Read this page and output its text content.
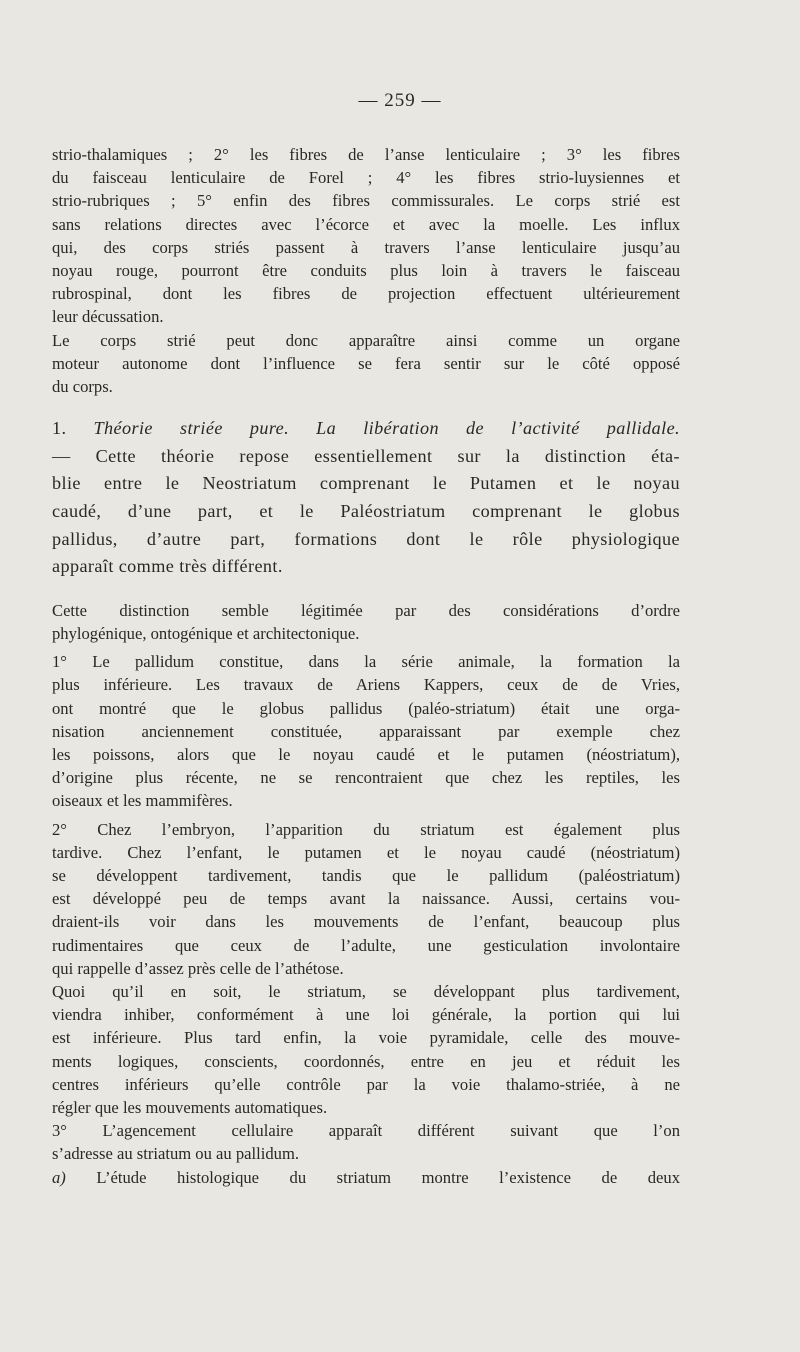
— 259 —

strio-thalamiques ; 2° les fibres de l’anse lenticulaire ; 3° les fibres

du faisceau lenticulaire de Forel ; 4° les fibres strio-luysiennes et

strio-rubriques ; 5° enfin des fibres commissurales. Le corps strié est

sans relations directes avec l’écorce et avec la moelle. Les influx

qui, des corps striés passent à travers l’anse lenticulaire jusqu’au

noyau rouge, pourront être conduits plus loin à travers le faisceau

rubrospinal, dont les fibres de projection effectuent ultérieurement

leur décussation.

Le corps strié peut donc apparaître ainsi comme un organe

moteur autonome dont l’influence se fera sentir sur le côté opposé

du corps.

1. Théorie striée pure. La libération de l’activité pallidale.

— Cette théorie repose essentiellement sur la distinction éta-

blie entre le Neostriatum comprenant le Putamen et le noyau

caudé, d’une part, et le Paléostriatum comprenant le globus

pallidus, d’autre part, formations dont le rôle physiologique

apparaît comme très différent.

Cette distinction semble légitimée par des considérations d’ordre

phylogénique, ontogénique et architectonique.

1° Le pallidum constitue, dans la série animale, la formation la

plus inférieure. Les travaux de Ariens Kappers, ceux de de Vries,

ont montré que le globus pallidus (paléo-striatum) était une orga-

nisation anciennement constituée, apparaissant par exemple chez

les poissons, alors que le noyau caudé et le putamen (néostriatum),

d’origine plus récente, ne se rencontraient que chez les reptiles, les

oiseaux et les mammifères.

2° Chez l’embryon, l’apparition du striatum est également plus

tardive. Chez l’enfant, le putamen et le noyau caudé (néostriatum)

se développent tardivement, tandis que le pallidum (paléostriatum)

est développé peu de temps avant la naissance. Aussi, certains vou-

draient-ils voir dans les mouvements de l’enfant, beaucoup plus

rudimentaires que ceux de l’adulte, une gesticulation involontaire

qui rappelle d’assez près celle de l’athétose.

Quoi qu’il en soit, le striatum, se développant plus tardivement,

viendra inhiber, conformément à une loi générale, la portion qui lui

est inférieure. Plus tard enfin, la voie pyramidale, celle des mouve-

ments logiques, conscients, coordonnés, entre en jeu et réduit les

centres inférieurs qu’elle contrôle par la voie thalamo-striée, à ne

régler que les mouvements automatiques.

3° L’agencement cellulaire apparaît différent suivant que l’on

s’adresse au striatum ou au pallidum.

a) L’étude histologique du striatum montre l’existence de deux
